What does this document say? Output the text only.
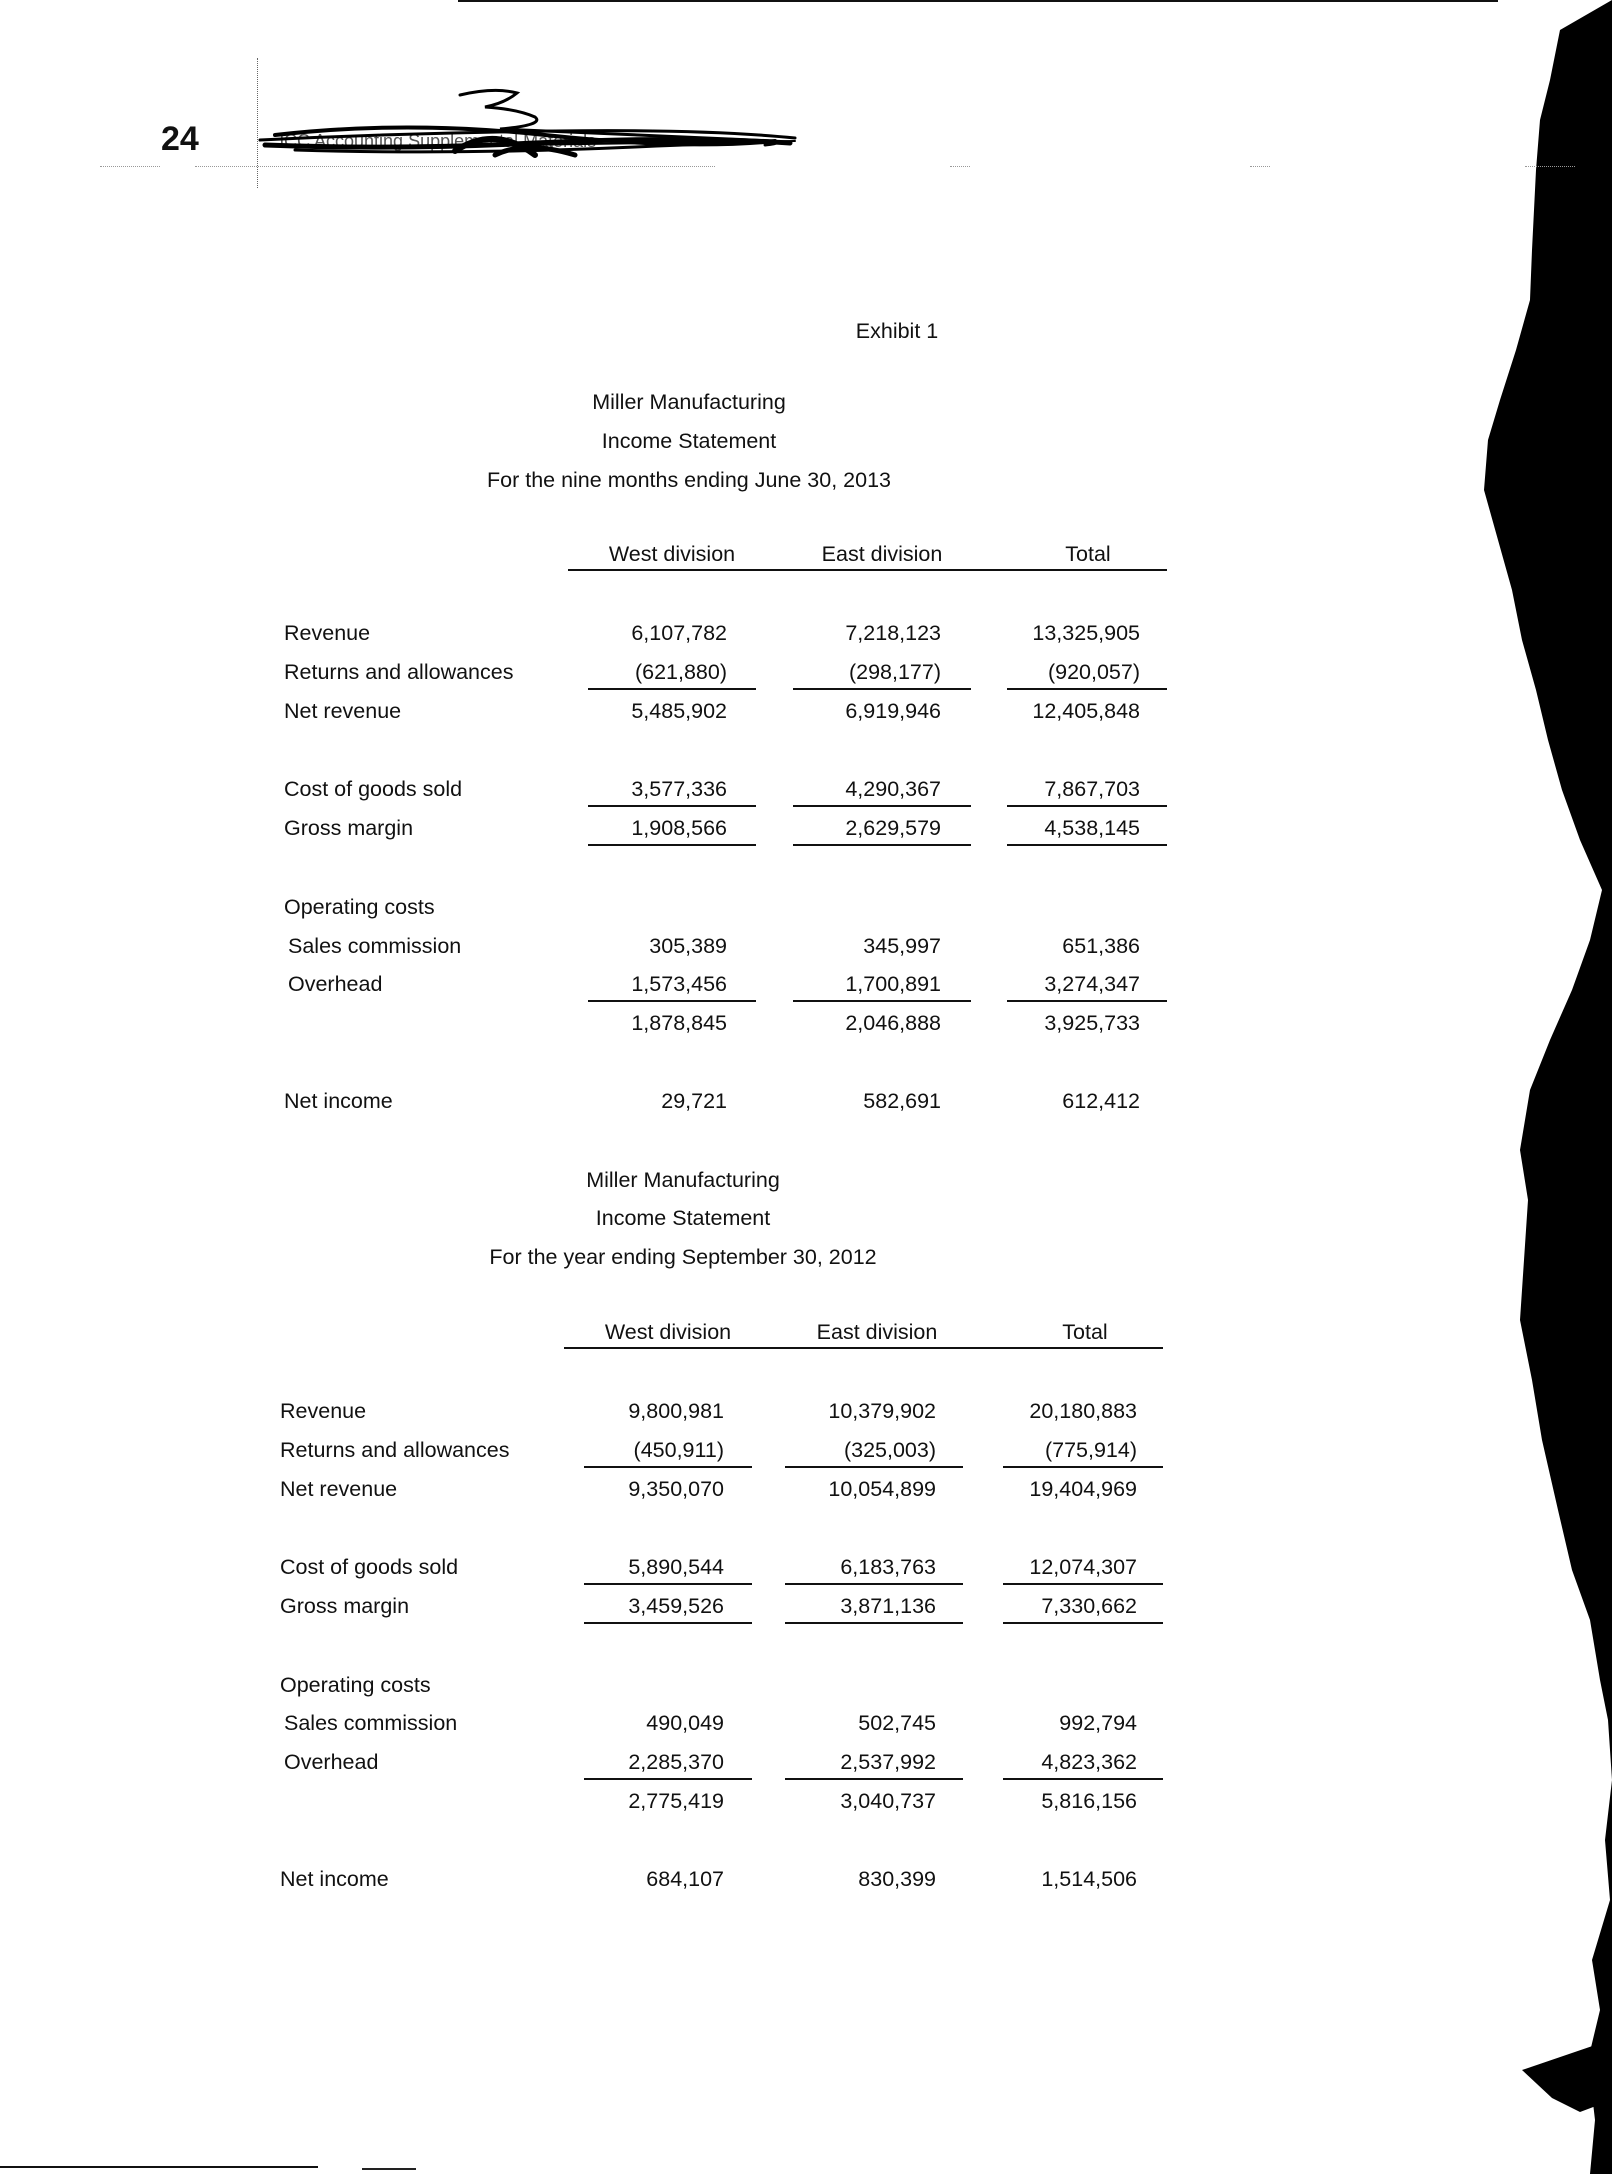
24	JCC Accounting Supplemental Materials
Exhibit 1
Miller Manufacturing
Income Statement
For the nine months ending June 30, 2013
West division	East division	Total
Revenue	6,107,782	7,218,123	13,325,905
Returns and allowances	(621,880)	(298,177)	(920,057)
Net revenue	5,485,902	6,919,946	12,405,848
Cost of goods sold	3,577,336	4,290,367	7,867,703
Gross margin	1,908,566	2,629,579	4,538,145
Operating costs
Sales commission	305,389	345,997	651,386
Overhead	1,573,456	1,700,891	3,274,347
1,878,845	2,046,888	3,925,733
Net income	29,721	582,691	612,412
Miller Manufacturing
Income Statement
For the year ending September 30, 2012
West division	East division	Total
Revenue	9,800,981	10,379,902	20,180,883
Returns and allowances	(450,911)	(325,003)	(775,914)
Net revenue	9,350,070	10,054,899	19,404,969
Cost of goods sold	5,890,544	6,183,763	12,074,307
Gross margin	3,459,526	3,871,136	7,330,662
Operating costs
Sales commission	490,049	502,745	992,794
Overhead	2,285,370	2,537,992	4,823,362
2,775,419	3,040,737	5,816,156
Net income	684,107	830,399	1,514,506
